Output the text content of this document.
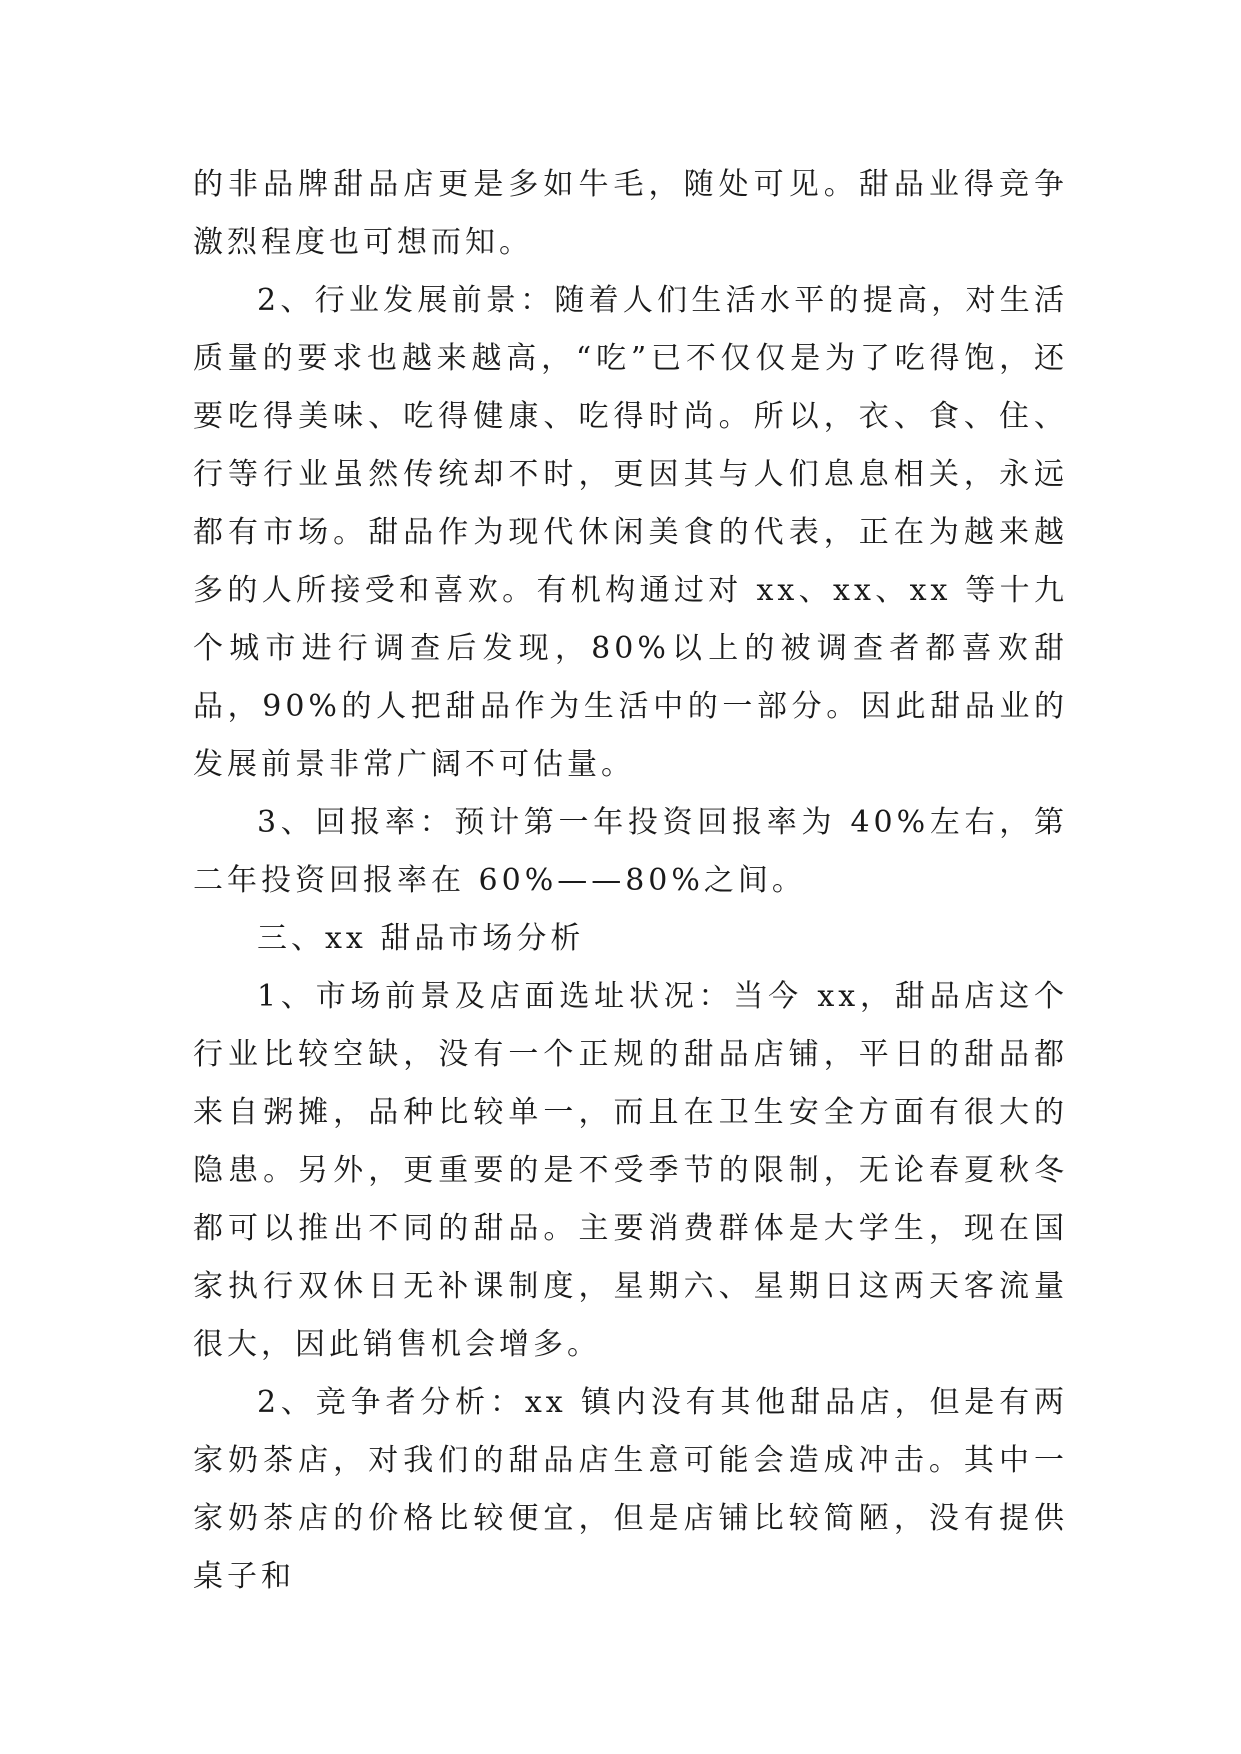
的非品牌甜品店更是多如牛毛，随处可见。甜品业得竞争激烈程度也可想而知。

2、行业发展前景：随着人们生活水平的提高，对生活质量的要求也越来越高，“吃”已不仅仅是为了吃得饱，还要吃得美味、吃得健康、吃得时尚。所以，衣、食、住、行等行业虽然传统却不时，更因其与人们息息相关，永远都有市场。甜品作为现代休闲美食的代表，正在为越来越多的人所接受和喜欢。有机构通过对 xx、xx、xx 等十九个城市进行调查后发现，80%以上的被调查者都喜欢甜品，90%的人把甜品作为生活中的一部分。因此甜品业的发展前景非常广阔不可估量。

3、回报率：预计第一年投资回报率为 40%左右，第二年投资回报率在 60%——80%之间。

三、xx 甜品市场分析

1、市场前景及店面选址状况：当今 xx，甜品店这个行业比较空缺，没有一个正规的甜品店铺，平日的甜品都来自粥摊，品种比较单一，而且在卫生安全方面有很大的隐患。另外，更重要的是不受季节的限制，无论春夏秋冬都可以推出不同的甜品。主要消费群体是大学生，现在国家执行双休日无补课制度，星期六、星期日这两天客流量很大，因此销售机会增多。

2、竞争者分析：xx 镇内没有其他甜品店，但是有两家奶茶店，对我们的甜品店生意可能会造成冲击。其中一家奶茶店的价格比较便宜，但是店铺比较简陋，没有提供桌子和
